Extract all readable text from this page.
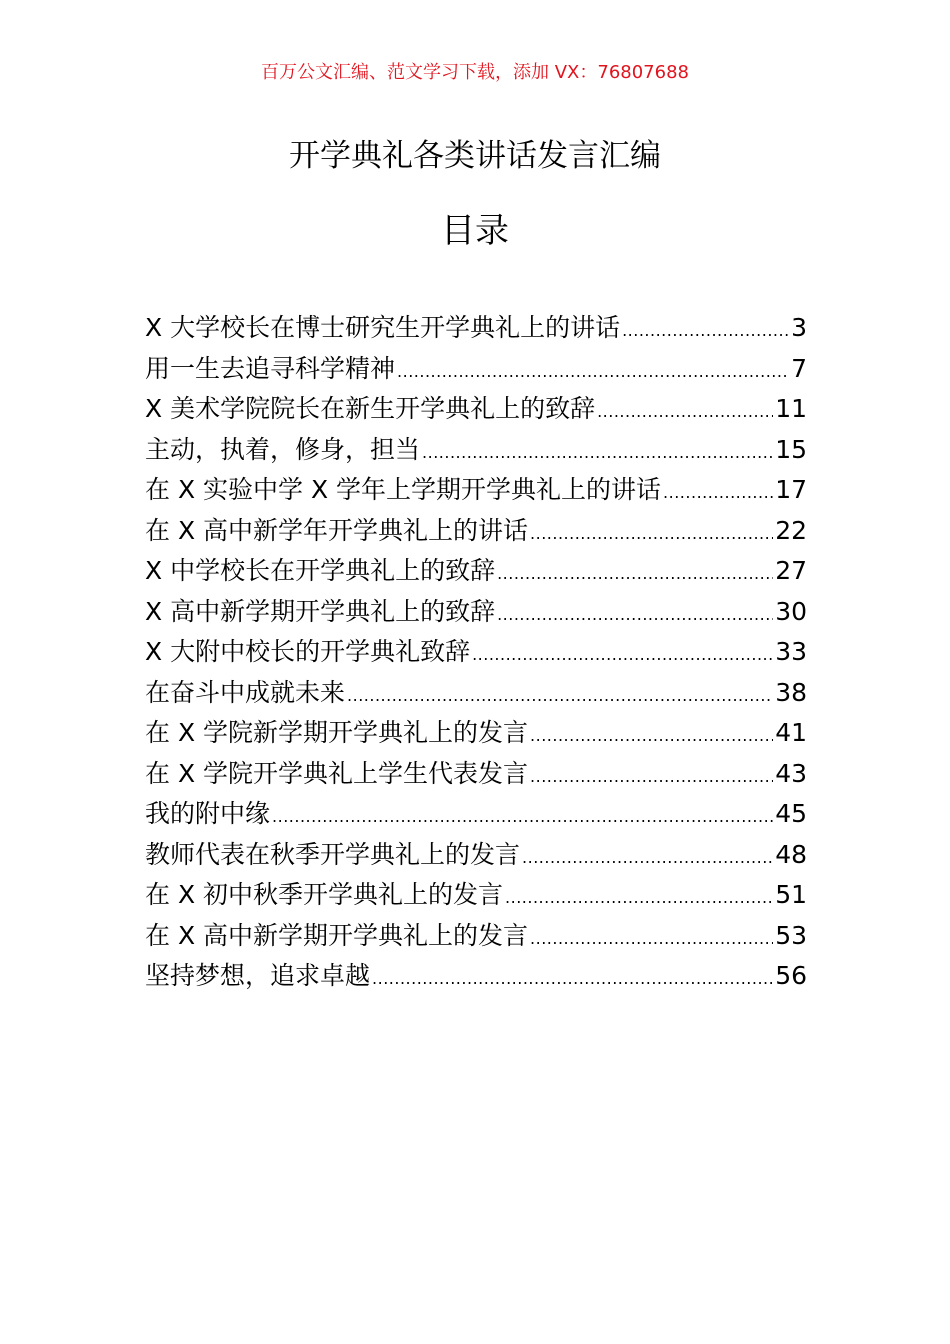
百万公文汇编、范文学习下载，添加 VX：76807688
开学典礼各类讲话发言汇编
目录
X 大学校长在博士研究生开学典礼上的讲话 .....	3
用一生去追寻科学精神 .....	7
X 美术学院院长在新生开学典礼上的致辞 .....	11
主动，执着，修身，担当 .....	15
在 X 实验中学 X 学年上学期开学典礼上的讲话 .....	17
在 X 高中新学年开学典礼上的讲话 .....	22
X 中学校长在开学典礼上的致辞 .....	27
X 高中新学期开学典礼上的致辞 .....	30
X 大附中校长的开学典礼致辞 .....	33
在奋斗中成就未来 .....	38
在 X 学院新学期开学典礼上的发言 .....	41
在 X 学院开学典礼上学生代表发言 .....	43
我的附中缘 .....	45
教师代表在秋季开学典礼上的发言 .....	48
在 X 初中秋季开学典礼上的发言 .....	51
在 X 高中新学期开学典礼上的发言 .....	53
坚持梦想，追求卓越 .....	56
